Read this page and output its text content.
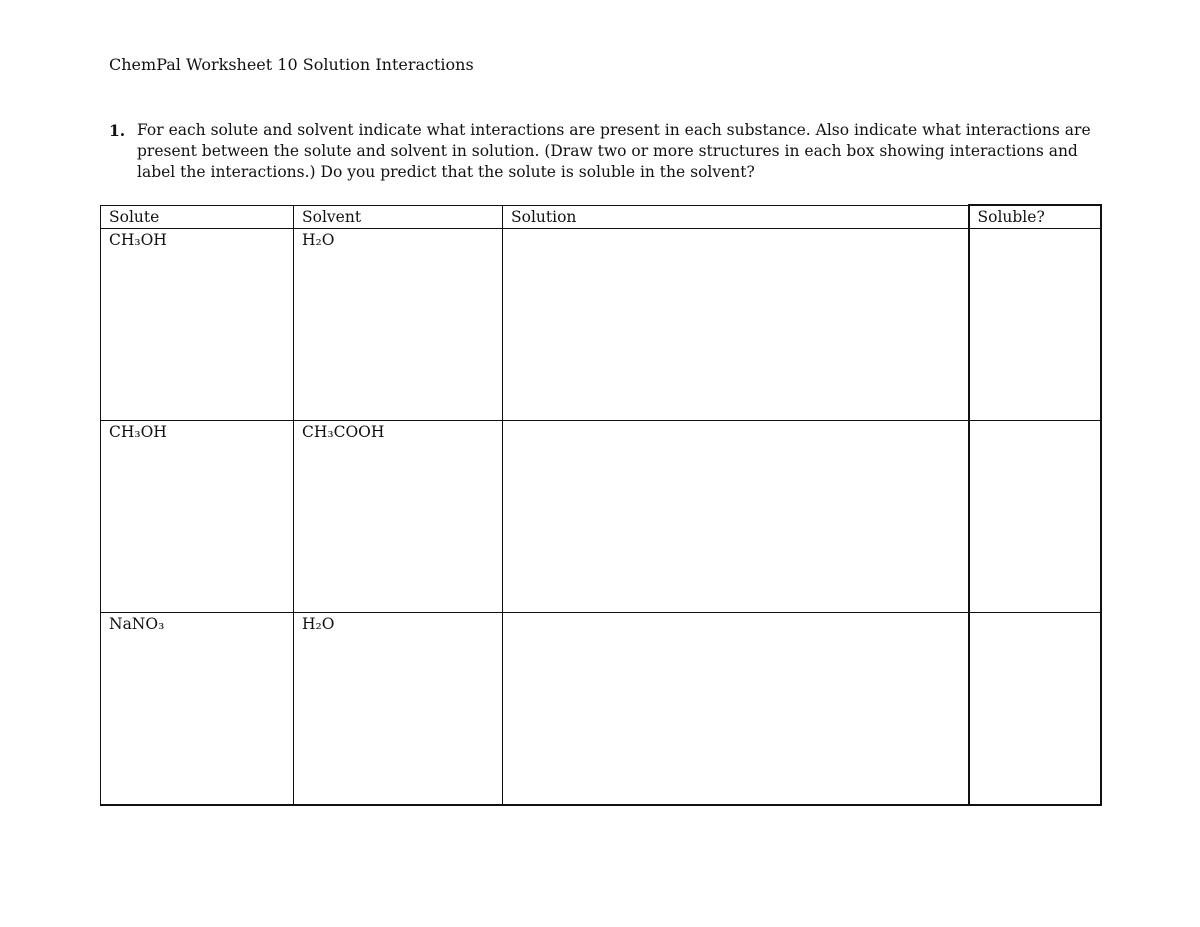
ChemPal Worksheet 10 Solution Interactions
1. For each solute and solvent indicate what interactions are present in each substance. Also indicate what interactions are present between the solute and solvent in solution. (Draw two or more structures in each box showing interactions and label the interactions.) Do you predict that the solute is soluble in the solvent?
Solute	Solvent	Solution	Soluble?
CH₃OH	H₂O		
CH₃OH	CH₃COOH		
NaNO₃	H₂O		
